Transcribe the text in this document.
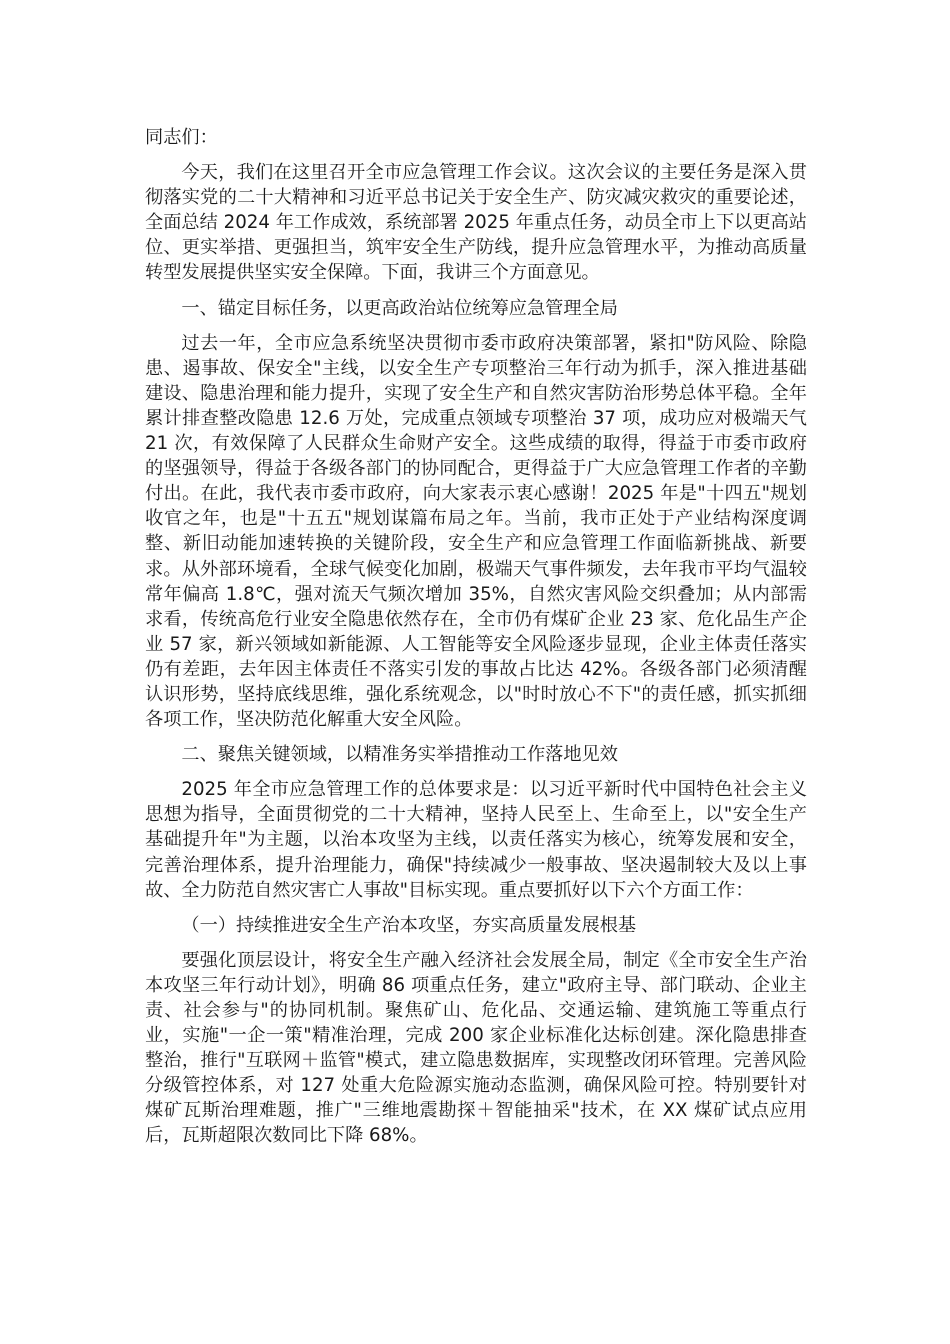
同志们：

今天，我们在这里召开全市应急管理工作会议。这次会议的主要任务是深入贯彻落实党的二十大精神和习近平总书记关于安全生产、防灾减灾救灾的重要论述，全面总结 2024 年工作成效，系统部署 2025 年重点任务，动员全市上下以更高站位、更实举措、更强担当，筑牢安全生产防线，提升应急管理水平，为推动高质量转型发展提供坚实安全保障。下面，我讲三个方面意见。

一、锚定目标任务，以更高政治站位统筹应急管理全局

过去一年，全市应急系统坚决贯彻市委市政府决策部署，紧扣"防风险、除隐患、遏事故、保安全"主线，以安全生产专项整治三年行动为抓手，深入推进基础建设、隐患治理和能力提升，实现了安全生产和自然灾害防治形势总体平稳。全年累计排查整改隐患 12.6 万处，完成重点领域专项整治 37 项，成功应对极端天气 21 次，有效保障了人民群众生命财产安全。这些成绩的取得，得益于市委市政府的坚强领导，得益于各级各部门的协同配合，更得益于广大应急管理工作者的辛勤付出。在此，我代表市委市政府，向大家表示衷心感谢！2025 年是"十四五"规划收官之年，也是"十五五"规划谋篇布局之年。当前，我市正处于产业结构深度调整、新旧动能加速转换的关键阶段，安全生产和应急管理工作面临新挑战、新要求。从外部环境看，全球气候变化加剧，极端天气事件频发，去年我市平均气温较常年偏高 1.8℃，强对流天气频次增加 35%，自然灾害风险交织叠加；从内部需求看，传统高危行业安全隐患依然存在，全市仍有煤矿企业 23 家、危化品生产企业 57 家，新兴领域如新能源、人工智能等安全风险逐步显现，企业主体责任落实仍有差距，去年因主体责任不落实引发的事故占比达 42%。各级各部门必须清醒认识形势，坚持底线思维，强化系统观念，以"时时放心不下"的责任感，抓实抓细各项工作，坚决防范化解重大安全风险。

二、聚焦关键领域，以精准务实举措推动工作落地见效

2025 年全市应急管理工作的总体要求是：以习近平新时代中国特色社会主义思想为指导，全面贯彻党的二十大精神，坚持人民至上、生命至上，以"安全生产基础提升年"为主题，以治本攻坚为主线，以责任落实为核心，统筹发展和安全，完善治理体系，提升治理能力，确保"持续减少一般事故、坚决遏制较大及以上事故、全力防范自然灾害亡人事故"目标实现。重点要抓好以下六个方面工作：

（一）持续推进安全生产治本攻坚，夯实高质量发展根基

要强化顶层设计，将安全生产融入经济社会发展全局，制定《全市安全生产治本攻坚三年行动计划》，明确 86 项重点任务，建立"政府主导、部门联动、企业主责、社会参与"的协同机制。聚焦矿山、危化品、交通运输、建筑施工等重点行业，实施"一企一策"精准治理，完成 200 家企业标准化达标创建。深化隐患排查整治，推行"互联网＋监管"模式，建立隐患数据库，实现整改闭环管理。完善风险分级管控体系，对 127 处重大危险源实施动态监测，确保风险可控。特别要针对煤矿瓦斯治理难题，推广"三维地震勘探＋智能抽采"技术，在 XX 煤矿试点应用后，瓦斯超限次数同比下降 68%。
